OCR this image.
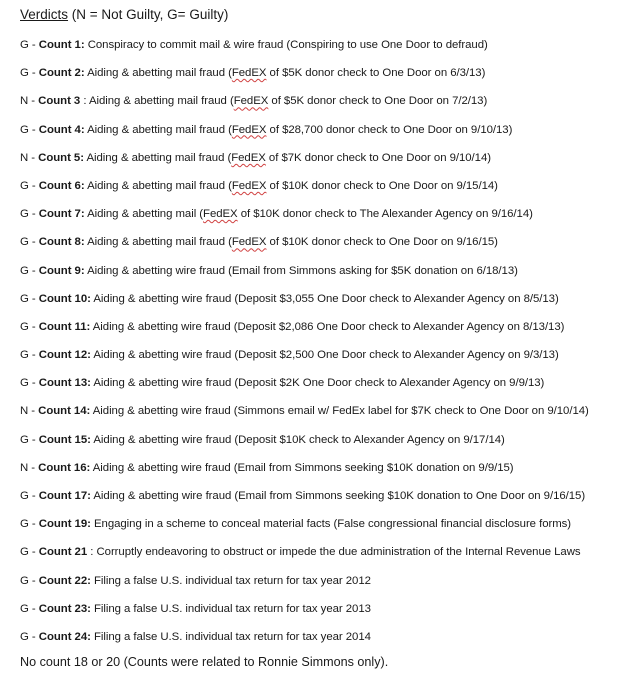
Verdicts (N = Not Guilty, G= Guilty)
G - Count 1: Conspiracy to commit mail & wire fraud (Conspiring to use One Door to defraud)
G - Count 2: Aiding & abetting mail fraud (FedEX of $5K donor check to One Door on 6/3/13)
N - Count 3 : Aiding & abetting mail fraud (FedEX of $5K donor check to One Door on 7/2/13)
G - Count 4: Aiding & abetting mail fraud (FedEX of $28,700 donor check to One Door on 9/10/13)
N - Count 5: Aiding & abetting mail fraud (FedEX of $7K donor check to One Door on 9/10/14)
G - Count 6: Aiding & abetting mail fraud (FedEX of $10K donor check to One Door on 9/15/14)
G - Count 7: Aiding & abetting mail (FedEX of $10K donor check to The Alexander Agency on 9/16/14)
G - Count 8: Aiding & abetting mail fraud (FedEX of $10K donor check to One Door on 9/16/15)
G - Count 9: Aiding & abetting wire fraud (Email from Simmons asking for $5K donation on 6/18/13)
G - Count 10: Aiding & abetting wire fraud (Deposit $3,055 One Door check to Alexander Agency on 8/5/13)
G - Count 11: Aiding & abetting wire fraud (Deposit $2,086 One Door check to Alexander Agency on 8/13/13)
G - Count 12: Aiding & abetting wire fraud (Deposit $2,500 One Door check to Alexander Agency on 9/3/13)
G - Count 13: Aiding & abetting wire fraud (Deposit $2K One Door check to Alexander Agency on 9/9/13)
N - Count 14: Aiding & abetting wire fraud (Simmons email w/ FedEx label for $7K check to One Door on 9/10/14)
G - Count 15: Aiding & abetting wire fraud (Deposit $10K check to Alexander Agency on 9/17/14)
N - Count 16: Aiding & abetting wire fraud (Email from Simmons seeking $10K donation on 9/9/15)
G - Count 17: Aiding & abetting wire fraud (Email from Simmons seeking $10K donation to One Door on 9/16/15)
G - Count 19: Engaging in a scheme to conceal material facts (False congressional financial disclosure forms)
G - Count 21 : Corruptly endeavoring to obstruct or impede the due administration of the Internal Revenue Laws
G - Count 22: Filing a false U.S. individual tax return for tax year 2012
G - Count 23: Filing a false U.S. individual tax return for tax year 2013
G - Count 24: Filing a false U.S. individual tax return for tax year 2014
No count 18 or 20 (Counts were related to Ronnie Simmons only).
